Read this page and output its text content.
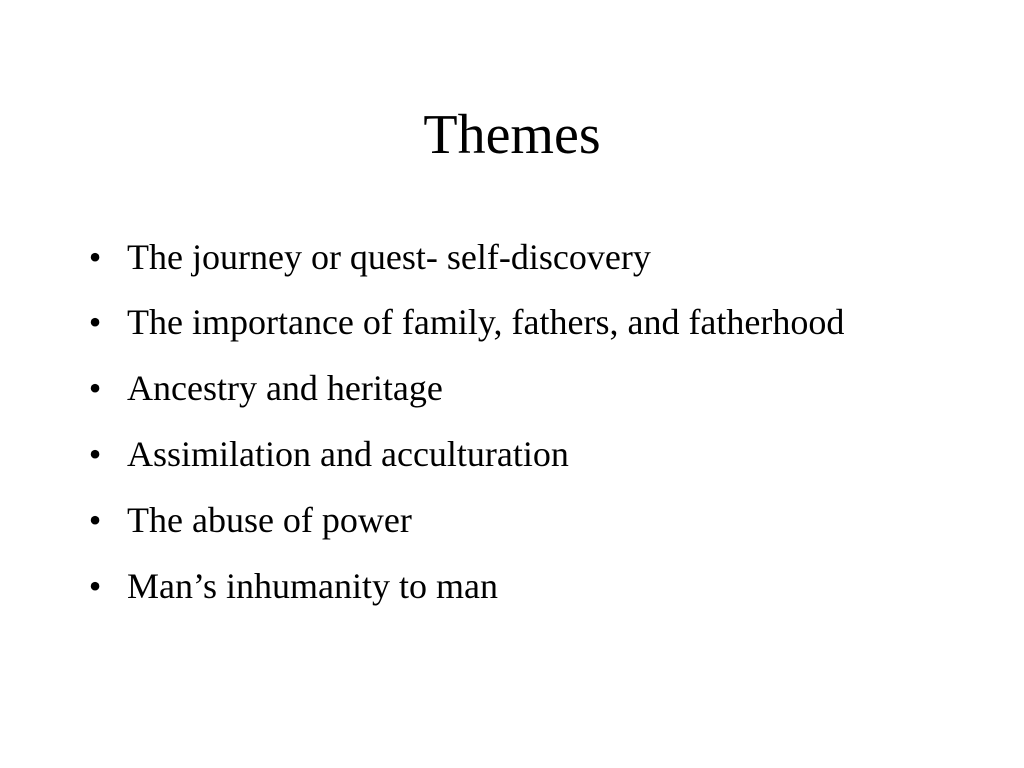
Themes
• The journey or quest- self-discovery
• The importance of family, fathers, and fatherhood
• Ancestry and heritage
• Assimilation and acculturation
• The abuse of power
• Man’s inhumanity to man
